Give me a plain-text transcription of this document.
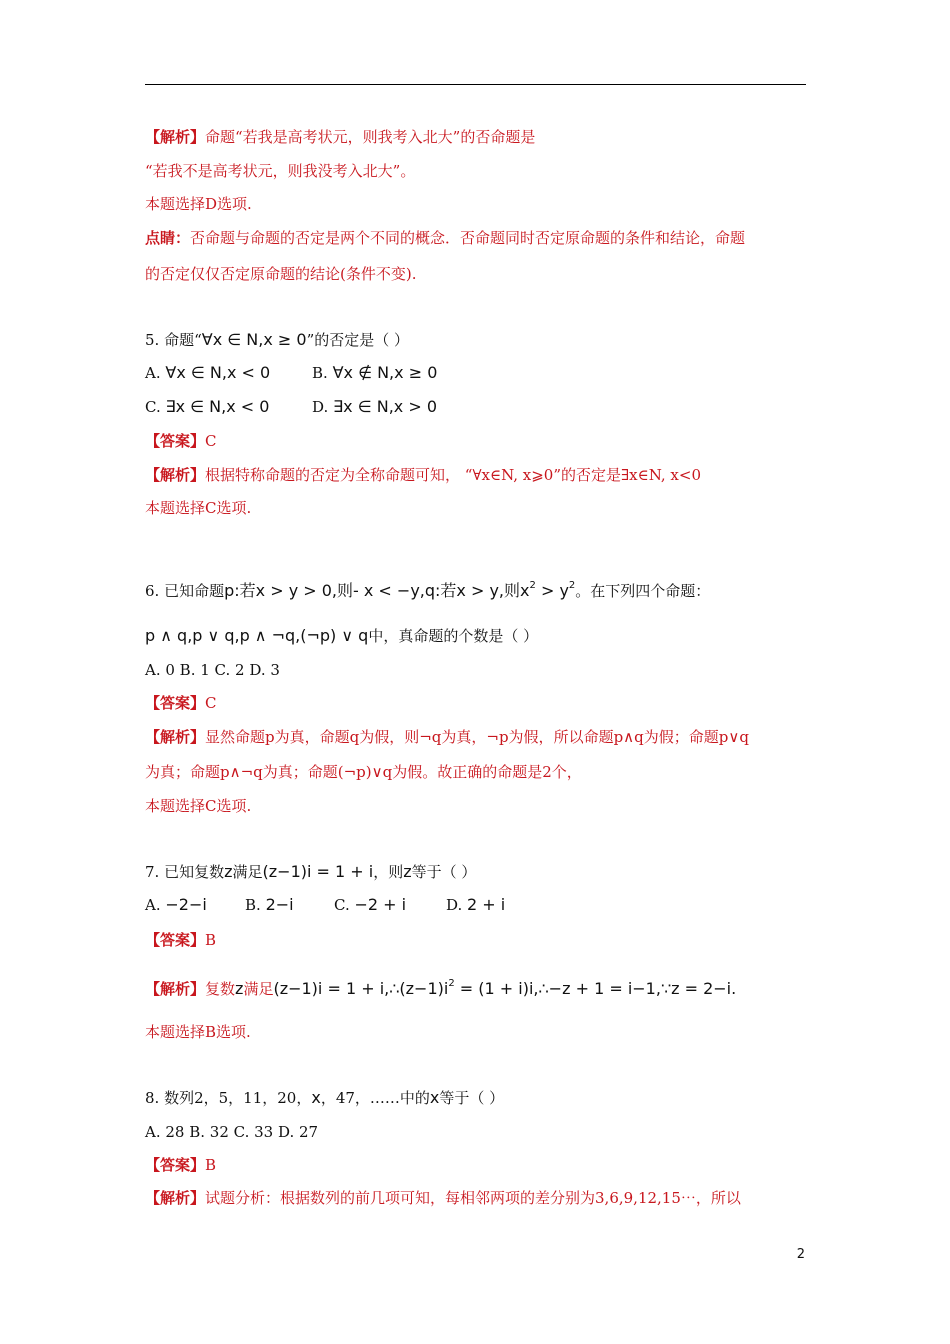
【解析】命题“若我是高考状元，则我考入北大”的否命题是
“若我不是高考状元，则我没考入北大”。
本题选择D选项.
点睛：否命题与命题的否定是两个不同的概念．否命题同时否定原命题的条件和结论，命题
的否定仅仅否定原命题的结论(条件不变).
5. 命题“∀x ∈ N,x ≥ 0”的否定是（ ）
A. ∀x ∈ N,x < 0	B. ∀x ∉ N,x ≥ 0
C. ∃x ∈ N,x < 0	D. ∃x ∈ N,x > 0
【答案】C
【解析】根据特称命题的否定为全称命题可知， “∀x∈N, x⩾0”的否定是∃x∈N, x<0
本题选择C选项.
6. 已知命题p:若x > y > 0,则- x < −y,q:若x > y,则$x^2 > y^2$。在下列四个命题：
p ∧ q,p ∨ q,p ∧ ¬q,(¬p) ∨ q中，真命题的个数是（ ）
A. 0 B. 1 C. 2 D. 3
【答案】C
【解析】显然命题p为真，命题q为假，则¬q为真，¬p为假，所以命题p∧q为假；命题p∨q
为真；命题p∧¬q为真；命题(¬p)∨q为假。故正确的命题是2个，
本题选择C选项.
7. 已知复数z满足(z−1)i = 1 + i，则z等于（ ）
A. −2−i	B. 2−i	C. −2 + i	D. 2 + i
【答案】B
【解析】复数z满足$(z-1)i = 1 + i,\therefore(z-1)i^2 = (1$ + i)i,∴−z + 1 = i−1,∵z = 2−i.
本题选择B选项.
8. 数列2，5，11，20，x，47，……中的x等于（ ）
A. 28 B. 32 C. 33 D. 27
【答案】B
【解析】试题分析：根据数列的前几项可知，每相邻两项的差分别为3,6,9,12,15⋯，所以
2
